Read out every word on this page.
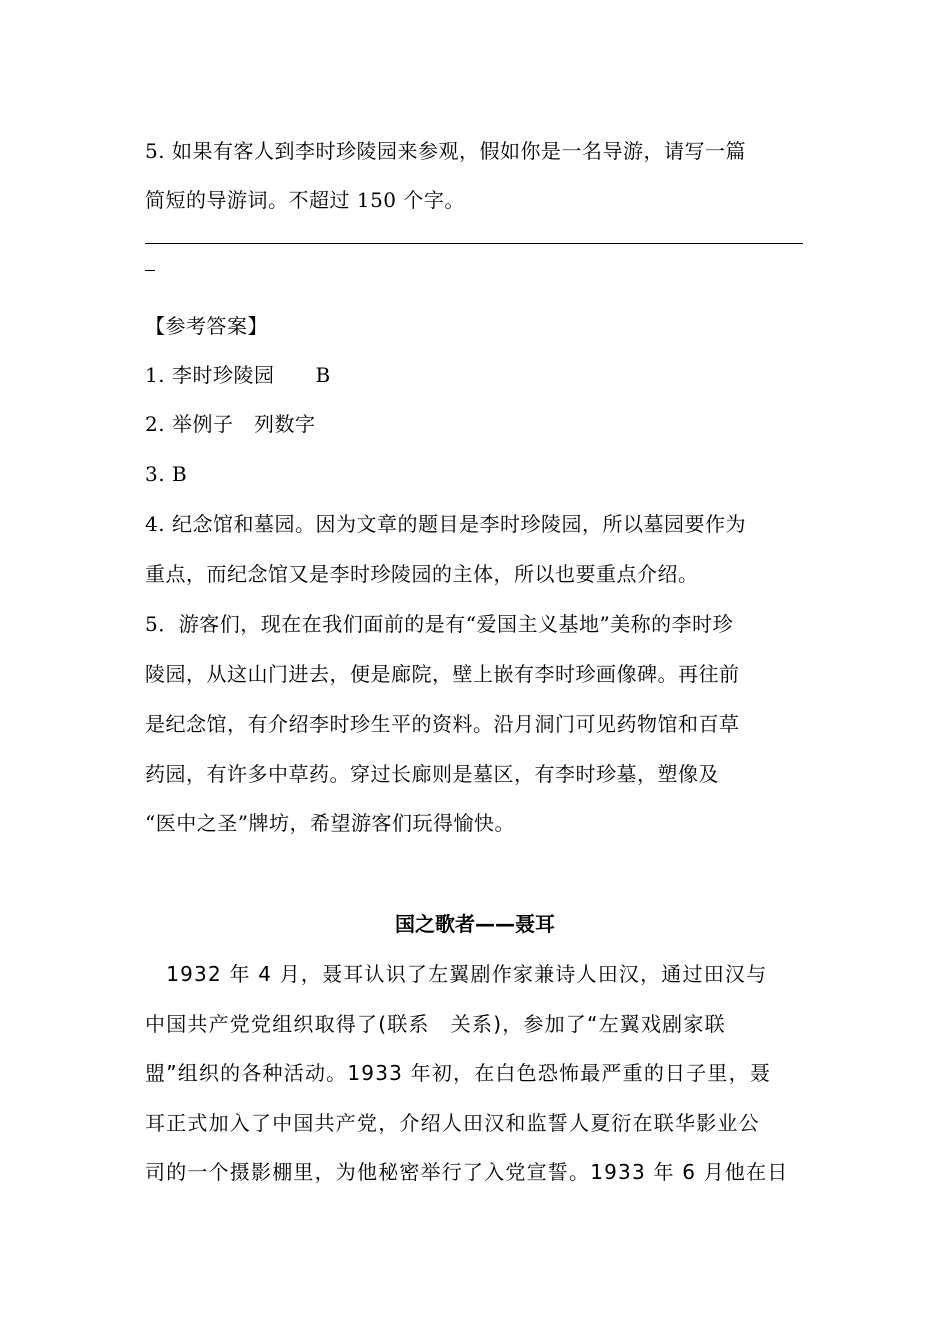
5. 如果有客人到李时珍陵园来参观，假如你是一名导游，请写一篇
简短的导游词。不超过 150 个字。
【参考答案】
1. 李时珍陵园　　B
2. 举例子　列数字
3. B
4. 纪念馆和墓园。因为文章的题目是李时珍陵园，所以墓园要作为
重点，而纪念馆又是李时珍陵园的主体，所以也要重点介绍。
5．游客们，现在在我们面前的是有“爱国主义基地”美称的李时珍
陵园，从这山门进去，便是廊院，壁上嵌有李时珍画像碑。再往前
是纪念馆，有介绍李时珍生平的资料。沿月洞门可见药物馆和百草
药园，有许多中草药。穿过长廊则是墓区，有李时珍墓，塑像及
“医中之圣”牌坊，希望游客们玩得愉快。
国之歌者——聂耳
　1932 年 4 月，聂耳认识了左翼剧作家兼诗人田汉，通过田汉与
中国共产党党组织取得了(联系　关系)，参加了“左翼戏剧家联
盟”组织的各种活动。1933 年初，在白色恐怖最严重的日子里，聂
耳正式加入了中国共产党，介绍人田汉和监誓人夏衍在联华影业公
司的一个摄影棚里，为他秘密举行了入党宣誓。1933 年 6 月他在日
